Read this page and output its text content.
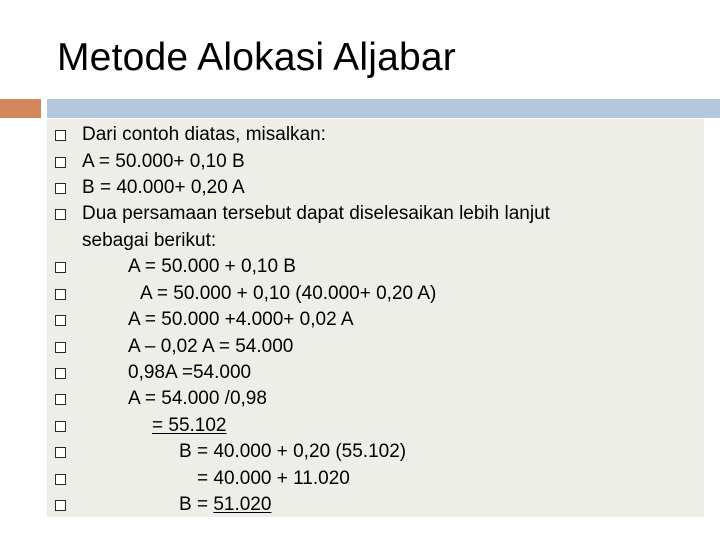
Metode Alokasi Aljabar
Dari contoh diatas, misalkan:
A = 50.000+ 0,10 B
B = 40.000+ 0,20 A
Dua persamaan tersebut dapat diselesaikan lebih lanjut
sebagai berikut:
A = 50.000 + 0,10 B
A = 50.000 + 0,10 (40.000+ 0,20 A)
A = 50.000 +4.000+ 0,02 A
A – 0,02 A = 54.000
0,98A =54.000
A = 54.000 /0,98
= 55.102
B = 40.000 + 0,20 (55.102)
= 40.000 + 11.020
B = 51.020
